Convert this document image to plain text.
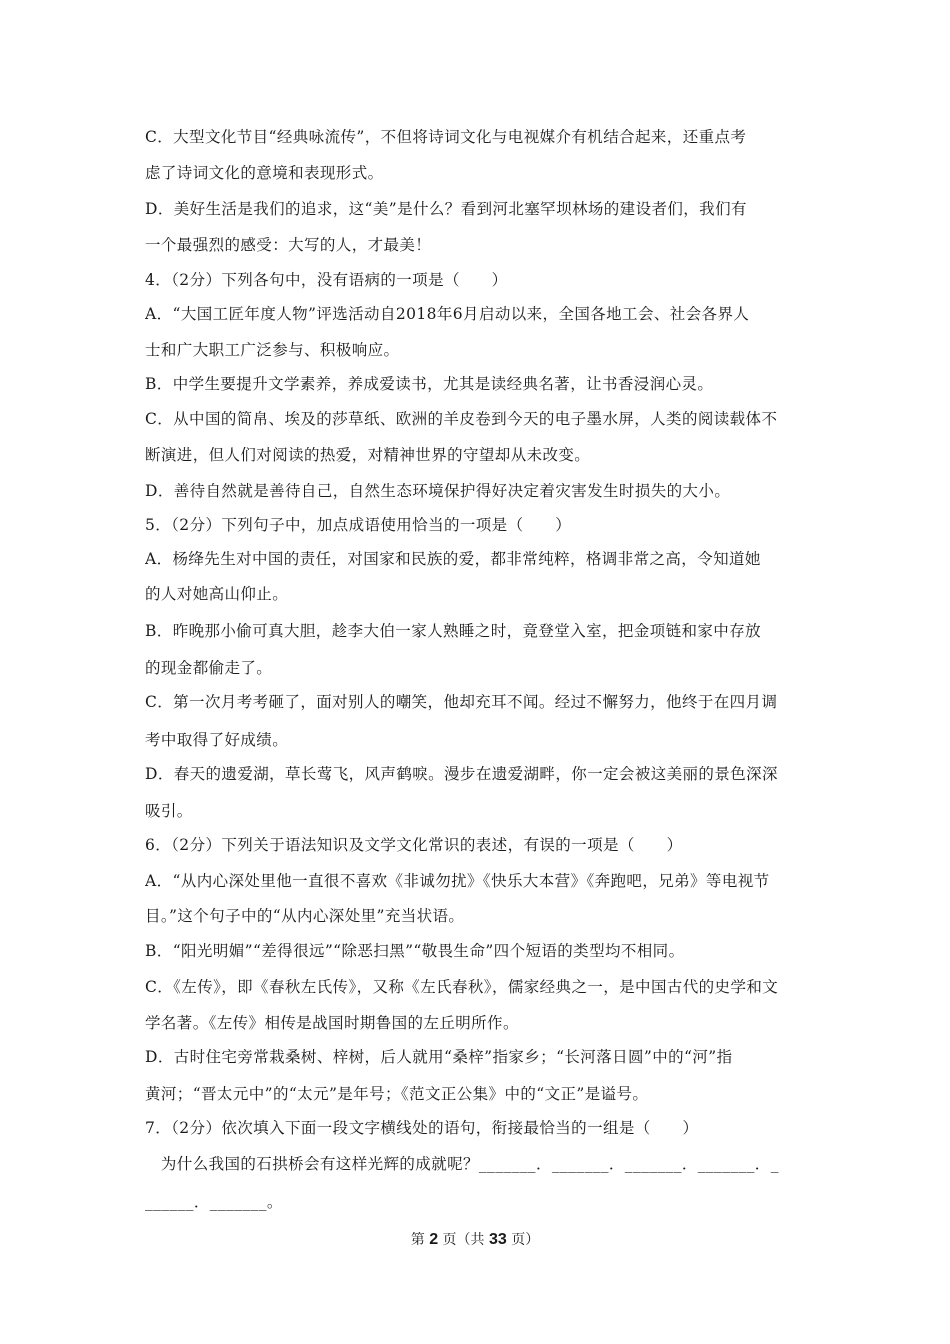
C．大型文化节目“经典咏流传”，不但将诗词文化与电视媒介有机结合起来，还重点考
虑了诗词文化的意境和表现形式。
D．美好生活是我们的追求，这“美”是什么？看到河北塞罕坝林场的建设者们，我们有
一个最强烈的感受：大写的人，才最美！
4．（2分）下列各句中，没有语病的一项是（　　）
A．“大国工匠年度人物”评选活动自2018年6月启动以来，全国各地工会、社会各界人
士和广大职工广泛参与、积极响应。
B．中学生要提升文学素养，养成爱读书，尤其是读经典名著，让书香浸润心灵。
C．从中国的简帛、埃及的莎草纸、欧洲的羊皮卷到今天的电子墨水屏，人类的阅读载体不
断演进，但人们对阅读的热爱，对精神世界的守望却从未改变。
D．善待自然就是善待自己，自然生态环境保护得好决定着灾害发生时损失的大小。
5．（2分）下列句子中，加点成语使用恰当的一项是（　　）
A．杨绛先生对中国的责任，对国家和民族的爱，都非常纯粹，格调非常之高，令知道她
的人对她高山仰止。
B．昨晚那小偷可真大胆，趁李大伯一家人熟睡之时，竟登堂入室，把金项链和家中存放
的现金都偷走了。
C．第一次月考考砸了，面对别人的嘲笑，他却充耳不闻。经过不懈努力，他终于在四月调
考中取得了好成绩。
D．春天的遗爱湖，草长莺飞，风声鹤唳。漫步在遗爱湖畔，你一定会被这美丽的景色深深
吸引。
6．（2分）下列关于语法知识及文学文化常识的表述，有误的一项是（　　）
A．“从内心深处里他一直很不喜欢《非诚勿扰》《快乐大本营》《奔跑吧，兄弟》等电视节
目。”这个句子中的“从内心深处里”充当状语。
B．“阳光明媚”“差得很远”“除恶扫黑”“敬畏生命”四个短语的类型均不相同。
C．《左传》，即《春秋左氏传》，又称《左氏春秋》，儒家经典之一，是中国古代的史学和文
学名著。《左传》相传是战国时期鲁国的左丘明所作。
D．古时住宅旁常栽桑树、梓树，后人就用“桑梓”指家乡；“长河落日圆”中的“河”指
黄河；“晋太元中”的“太元”是年号；《范文正公集》中的“文正”是谥号。
7．（2分）依次填入下面一段文字横线处的语句，衔接最恰当的一组是（　　）
　为什么我国的石拱桥会有这样光辉的成就呢？_______．_______．_______．_______．_
______．_______。
第 2 页（共 33 页）
